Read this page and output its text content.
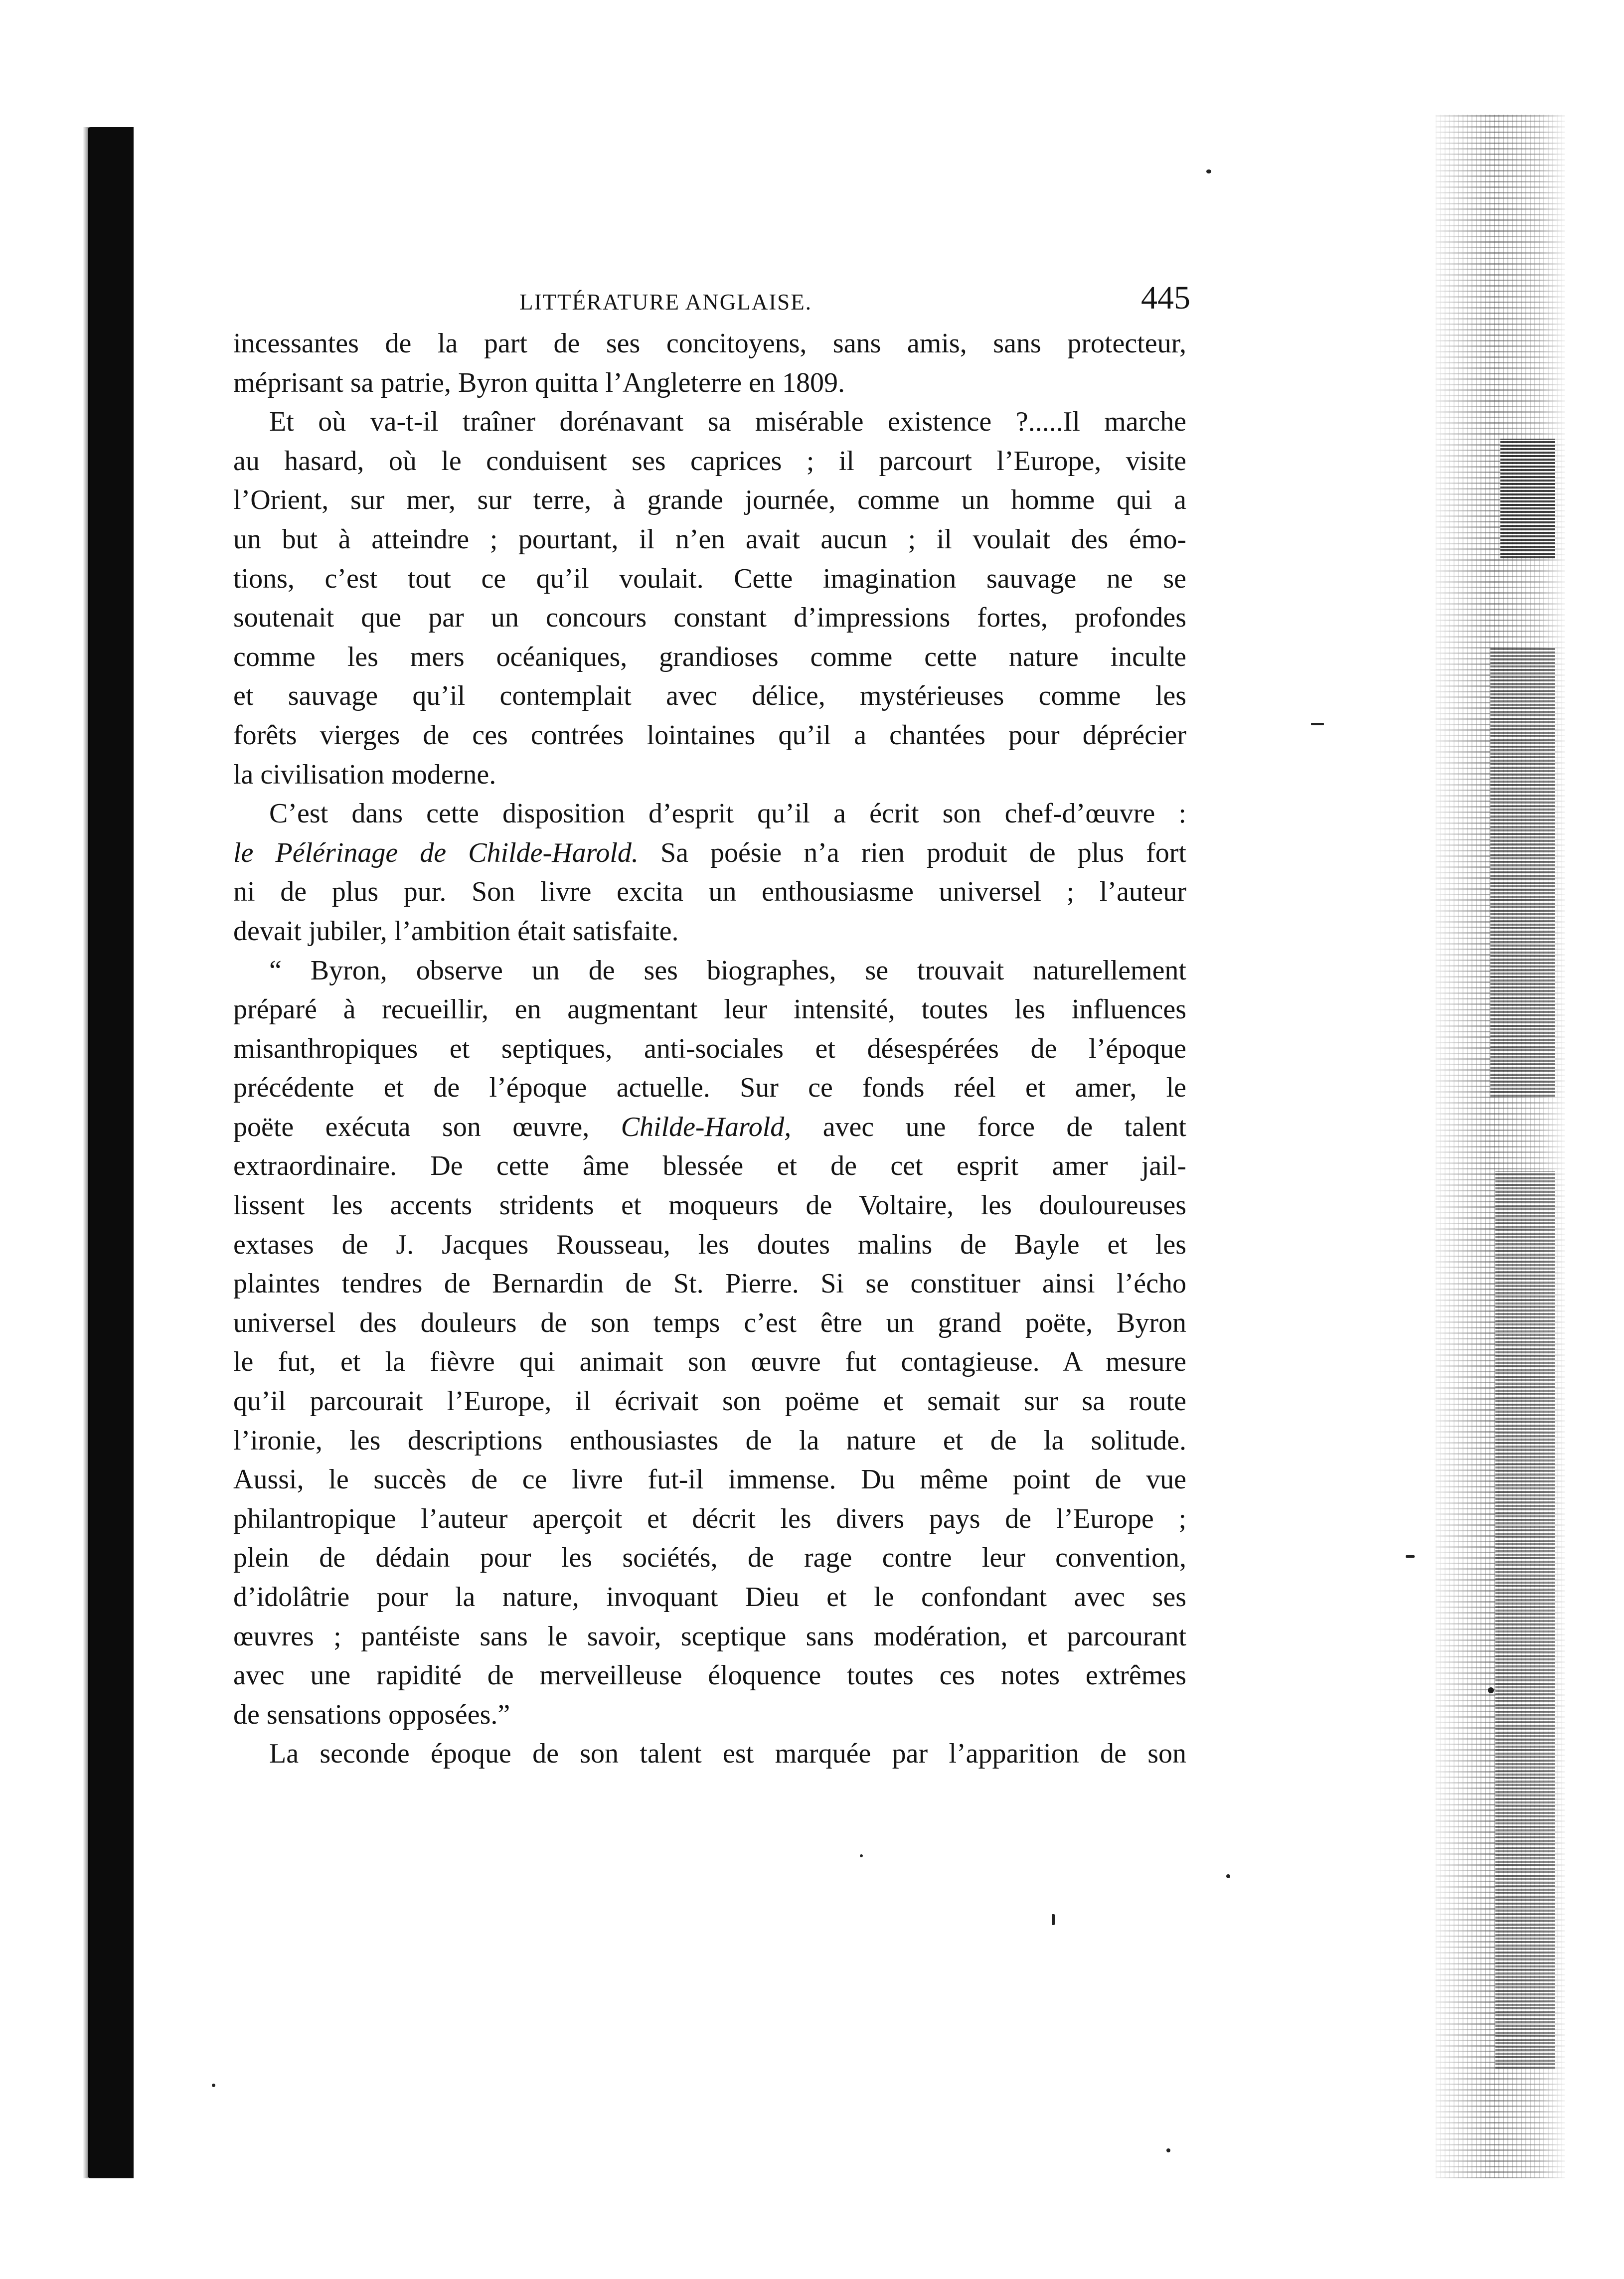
LITTÉRATURE ANGLAISE.	445
incessantes de la part de ses concitoyens, sans amis, sans protecteur,
méprisant sa patrie, Byron quitta l’Angleterre en 1809.
Et où va-t-il traîner dorénavant sa misérable existence ?.....Il marche
au hasard, où le conduisent ses caprices ; il parcourt l’Europe, visite
l’Orient, sur mer, sur terre, à grande journée, comme un homme qui a
un but à atteindre ; pourtant, il n’en avait aucun ; il voulait des émo-
tions, c’est tout ce qu’il voulait. Cette imagination sauvage ne se
soutenait que par un concours constant d’impressions fortes, profondes
comme les mers océaniques, grandioses comme cette nature inculte
et sauvage qu’il contemplait avec délice, mystérieuses comme les
forêts vierges de ces contrées lointaines qu’il a chantées pour déprécier
la civilisation moderne.
C’est dans cette disposition d’esprit qu’il a écrit son chef-d’œuvre :
le Pélérinage de Childe-Harold. Sa poésie n’a rien produit de plus fort
ni de plus pur. Son livre excita un enthousiasme universel ; l’auteur
devait jubiler, l’ambition était satisfaite.
“ Byron, observe un de ses biographes, se trouvait naturellement
préparé à recueillir, en augmentant leur intensité, toutes les influences
misanthropiques et septiques, anti-sociales et désespérées de l’époque
précédente et de l’époque actuelle. Sur ce fonds réel et amer, le
poëte exécuta son œuvre, Childe-Harold, avec une force de talent
extraordinaire. De cette âme blessée et de cet esprit amer jail-
lissent les accents stridents et moqueurs de Voltaire, les douloureuses
extases de J. Jacques Rousseau, les doutes malins de Bayle et les
plaintes tendres de Bernardin de St. Pierre. Si se constituer ainsi l’écho
universel des douleurs de son temps c’est être un grand poëte, Byron
le fut, et la fièvre qui animait son œuvre fut contagieuse. A mesure
qu’il parcourait l’Europe, il écrivait son poëme et semait sur sa route
l’ironie, les descriptions enthousiastes de la nature et de la solitude.
Aussi, le succès de ce livre fut-il immense. Du même point de vue
philantropique l’auteur aperçoit et décrit les divers pays de l’Europe ;
plein de dédain pour les sociétés, de rage contre leur convention,
d’idolâtrie pour la nature, invoquant Dieu et le confondant avec ses
œuvres ; pantéiste sans le savoir, sceptique sans modération, et parcourant
avec une rapidité de merveilleuse éloquence toutes ces notes extrêmes
de sensations opposées.”
La seconde époque de son talent est marquée par l’apparition de son
